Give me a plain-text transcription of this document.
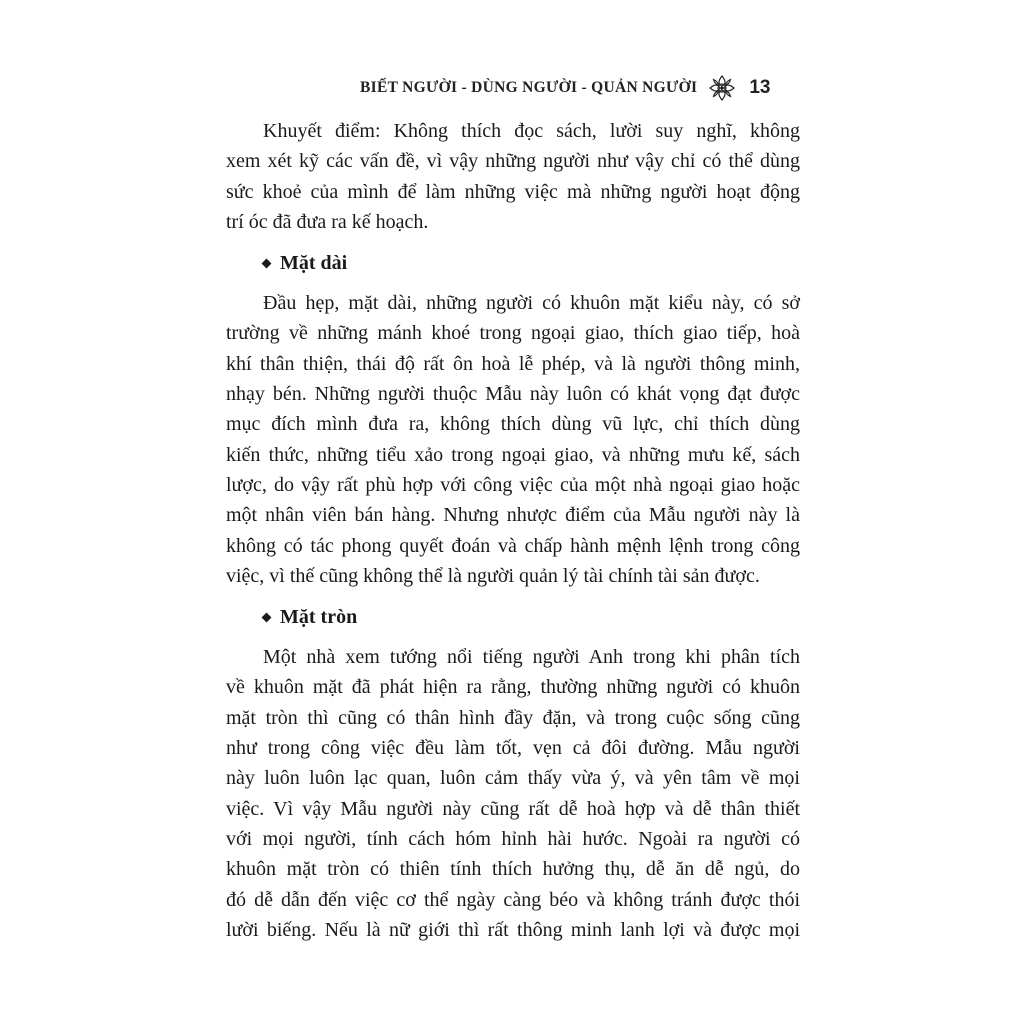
BIẾT NGƯỜI - DÙNG NGƯỜI - QUẢN NGƯỜI	13
Khuyết điểm: Không thích đọc sách, lười suy nghĩ, không
xem xét kỹ các vấn đề, vì vậy những người như vậy chỉ có thể dùng
sức khoẻ của mình để làm những việc mà những người hoạt động
trí óc đã đưa ra kế hoạch.
Mặt dài
Đầu hẹp, mặt dài, những người có khuôn mặt kiểu này, có sở
trường về những mánh khoé trong ngoại giao, thích giao tiếp, hoà
khí thân thiện, thái độ rất ôn hoà lễ phép, và là người thông minh,
nhạy bén. Những người thuộc Mẫu này luôn có khát vọng đạt được
mục đích mình đưa ra, không thích dùng vũ lực, chỉ thích dùng
kiến thức, những tiểu xảo trong ngoại giao, và những mưu kế, sách
lược, do vậy rất phù hợp với công việc của một nhà ngoại giao hoặc
một nhân viên bán hàng. Nhưng nhược điểm của Mẫu người này là
không có tác phong quyết đoán và chấp hành mệnh lệnh trong công
việc, vì thế cũng không thể là người quản lý tài chính tài sản được.
Mặt tròn
Một nhà xem tướng nổi tiếng người Anh trong khi phân tích
về khuôn mặt đã phát hiện ra rằng, thường những người có khuôn
mặt tròn thì cũng có thân hình đầy đặn, và trong cuộc sống cũng
như trong công việc đều làm tốt, vẹn cả đôi đường. Mẫu người
này luôn luôn lạc quan, luôn cảm thấy vừa ý, và yên tâm về mọi
việc. Vì vậy Mẫu người này cũng rất dễ hoà hợp và dễ thân thiết
với mọi người, tính cách hóm hỉnh hài hước. Ngoài ra người có
khuôn mặt tròn có thiên tính thích hưởng thụ, dễ ăn dễ ngủ, do
đó dễ dẫn đến việc cơ thể ngày càng béo và không tránh được thói
lười biếng. Nếu là nữ giới thì rất thông minh lanh lợi và được mọi
